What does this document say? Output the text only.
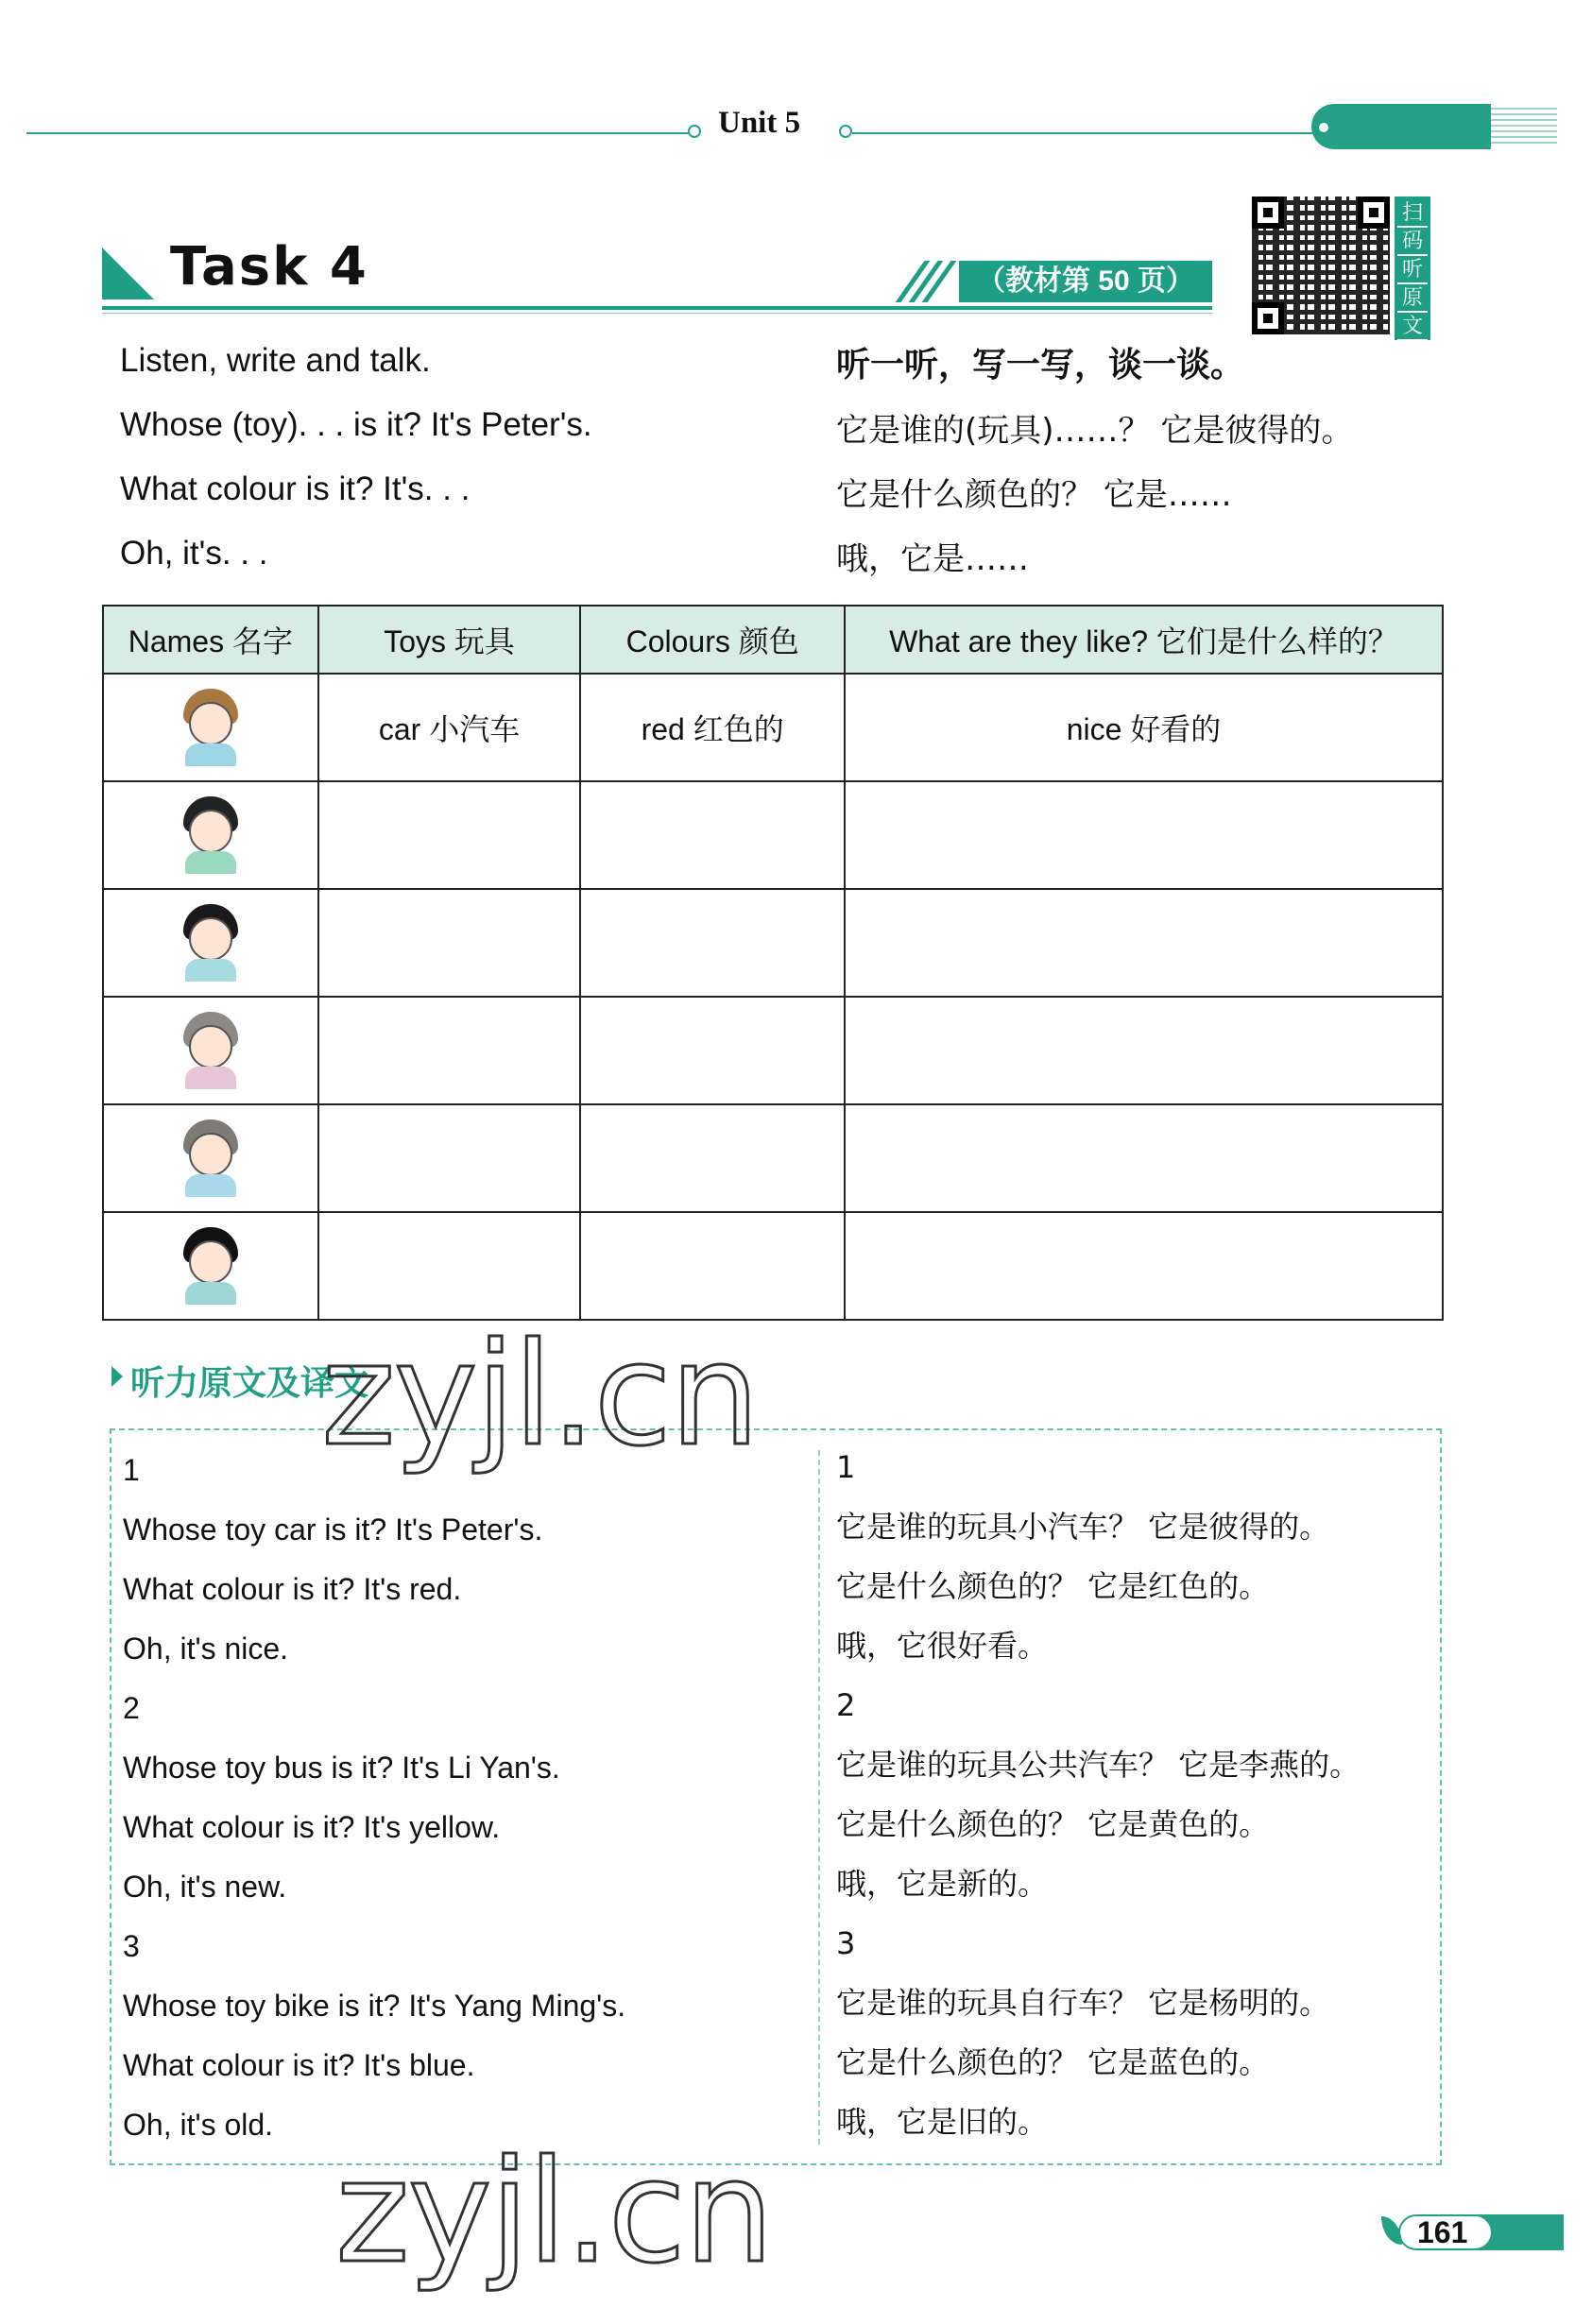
Unit 5
Task 4	（教材第 50 页）
扫
码
听
原
文
Listen, write and talk.
Whose (toy). . . is it? It's Peter's.
What colour is it? It's. . .
Oh, it's. . .
听一听，写一写，谈一谈。
它是谁的(玩具)……？ 它是彼得的。
它是什么颜色的？ 它是……
哦，它是……
Names 名字	Toys 玩具	Colours 颜色	What are they like? 它们是什么样的？

	car 小汽车	red 红色的	nice 好看的

听力原文及译文
1
Whose toy car is it? It's Peter's.
What colour is it? It's red.
Oh, it's nice.
2
Whose toy bus is it? It's Li Yan's.
What colour is it? It's yellow.
Oh, it's new.
3
Whose toy bike is it? It's Yang Ming's.
What colour is it? It's blue.
Oh, it's old.
1
它是谁的玩具小汽车？ 它是彼得的。
它是什么颜色的？ 它是红色的。
哦，它很好看。
2
它是谁的玩具公共汽车？ 它是李燕的。
它是什么颜色的？ 它是黄色的。
哦，它是新的。
3
它是谁的玩具自行车？ 它是杨明的。
它是什么颜色的？ 它是蓝色的。
哦，它是旧的。
zyjl.cn
zyjl.cn	161
